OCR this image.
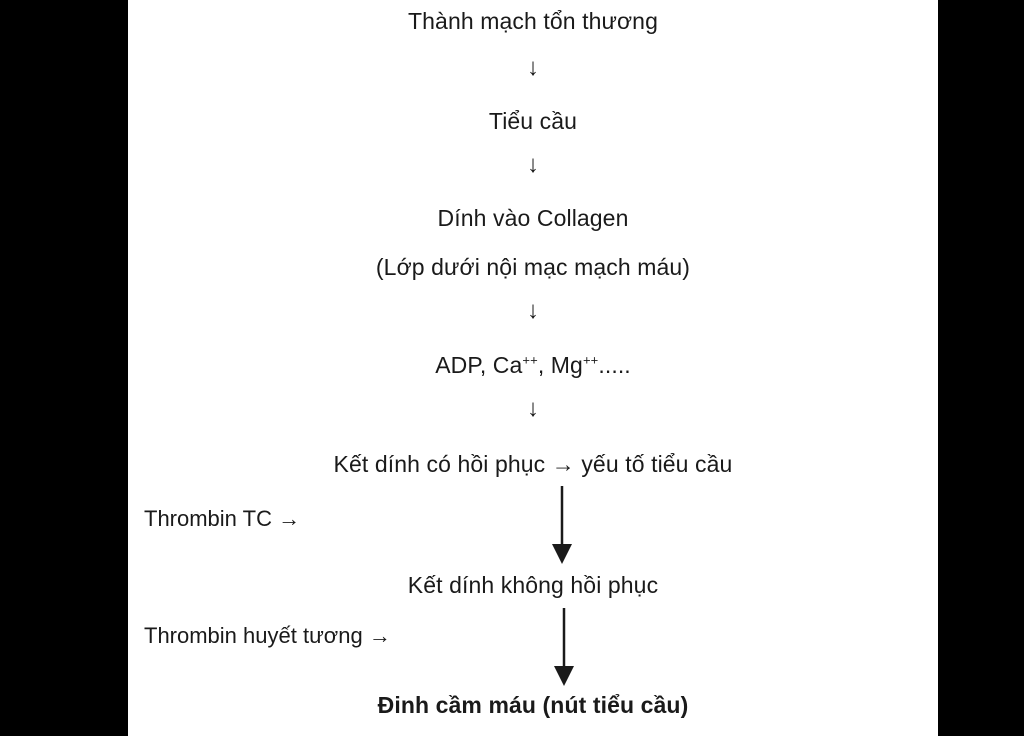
Thành mạch tổn thương
↓
Tiểu cầu
↓
Dính vào Collagen
(Lớp dưới nội mạc mạch máu)
↓
ADP, Ca++, Mg++.....
↓
Kết dính có hồi phục → yếu tố tiểu cầu
Thrombin TC →
Kết dính không hồi phục
Thrombin huyết tương →
Đinh cầm máu (nút tiểu cầu)
